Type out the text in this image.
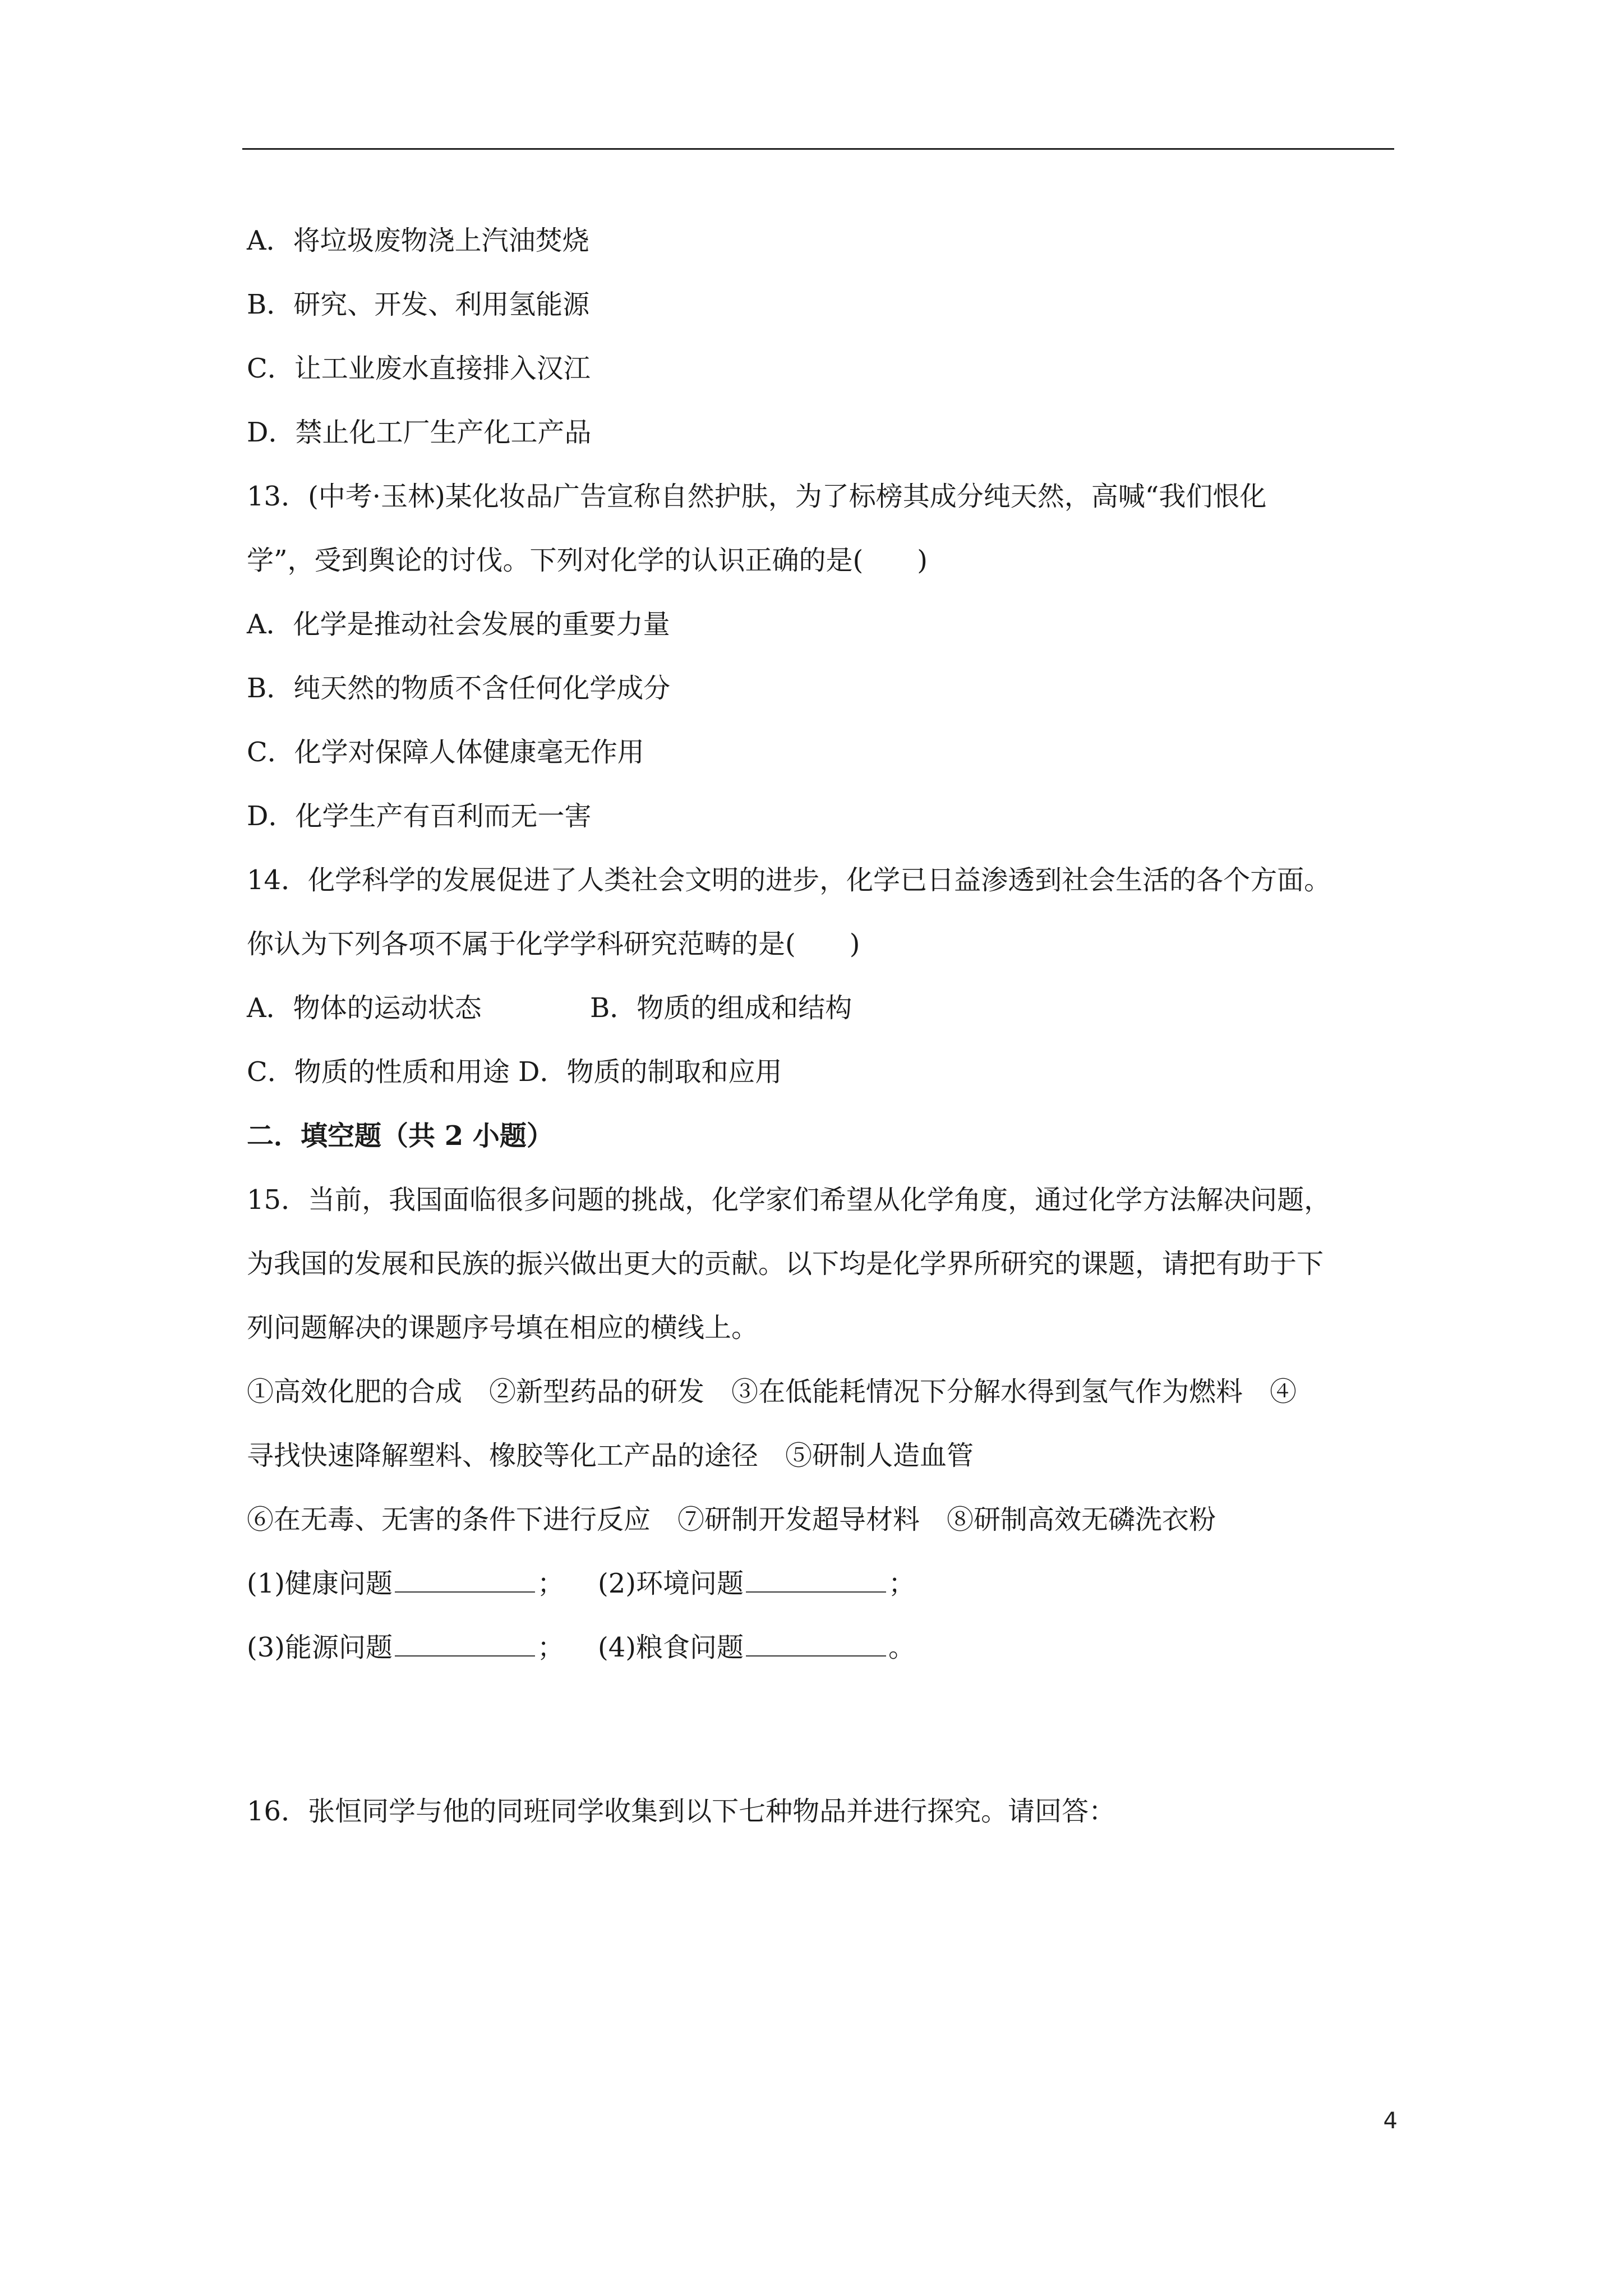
A．将垃圾废物浇上汽油焚烧
B．研究、开发、利用氢能源
C．让工业废水直接排入汉江
D．禁止化工厂生产化工产品
13．(中考·玉林)某化妆品广告宣称自然护肤，为了标榜其成分纯天然，高喊“我们恨化
学”，受到舆论的讨伐。下列对化学的认识正确的是(　　)
A．化学是推动社会发展的重要力量
B．纯天然的物质不含任何化学成分
C．化学对保障人体健康毫无作用
D．化学生产有百利而无一害
14．化学科学的发展促进了人类社会文明的进步，化学已日益渗透到社会生活的各个方面。
你认为下列各项不属于化学学科研究范畴的是(　　)
A．物体的运动状态	B．物质的组成和结构
C．物质的性质和用途 D．物质的制取和应用
二．填空题（共 2 小题）
15．当前，我国面临很多问题的挑战，化学家们希望从化学角度，通过化学方法解决问题，
为我国的发展和民族的振兴做出更大的贡献。以下均是化学界所研究的课题，请把有助于下
列问题解决的课题序号填在相应的横线上。
①高效化肥的合成　②新型药品的研发　③在低能耗情况下分解水得到氢气作为燃料　④
寻找快速降解塑料、橡胶等化工产品的途径　⑤研制人造血管
⑥在无毒、无害的条件下进行反应　⑦研制开发超导材料　⑧研制高效无磷洗衣粉
(1)健康问题	； (2)环境问题	；
(3)能源问题	； (4)粮食问题	。
16．张恒同学与他的同班同学收集到以下七种物品并进行探究。请回答：
4
